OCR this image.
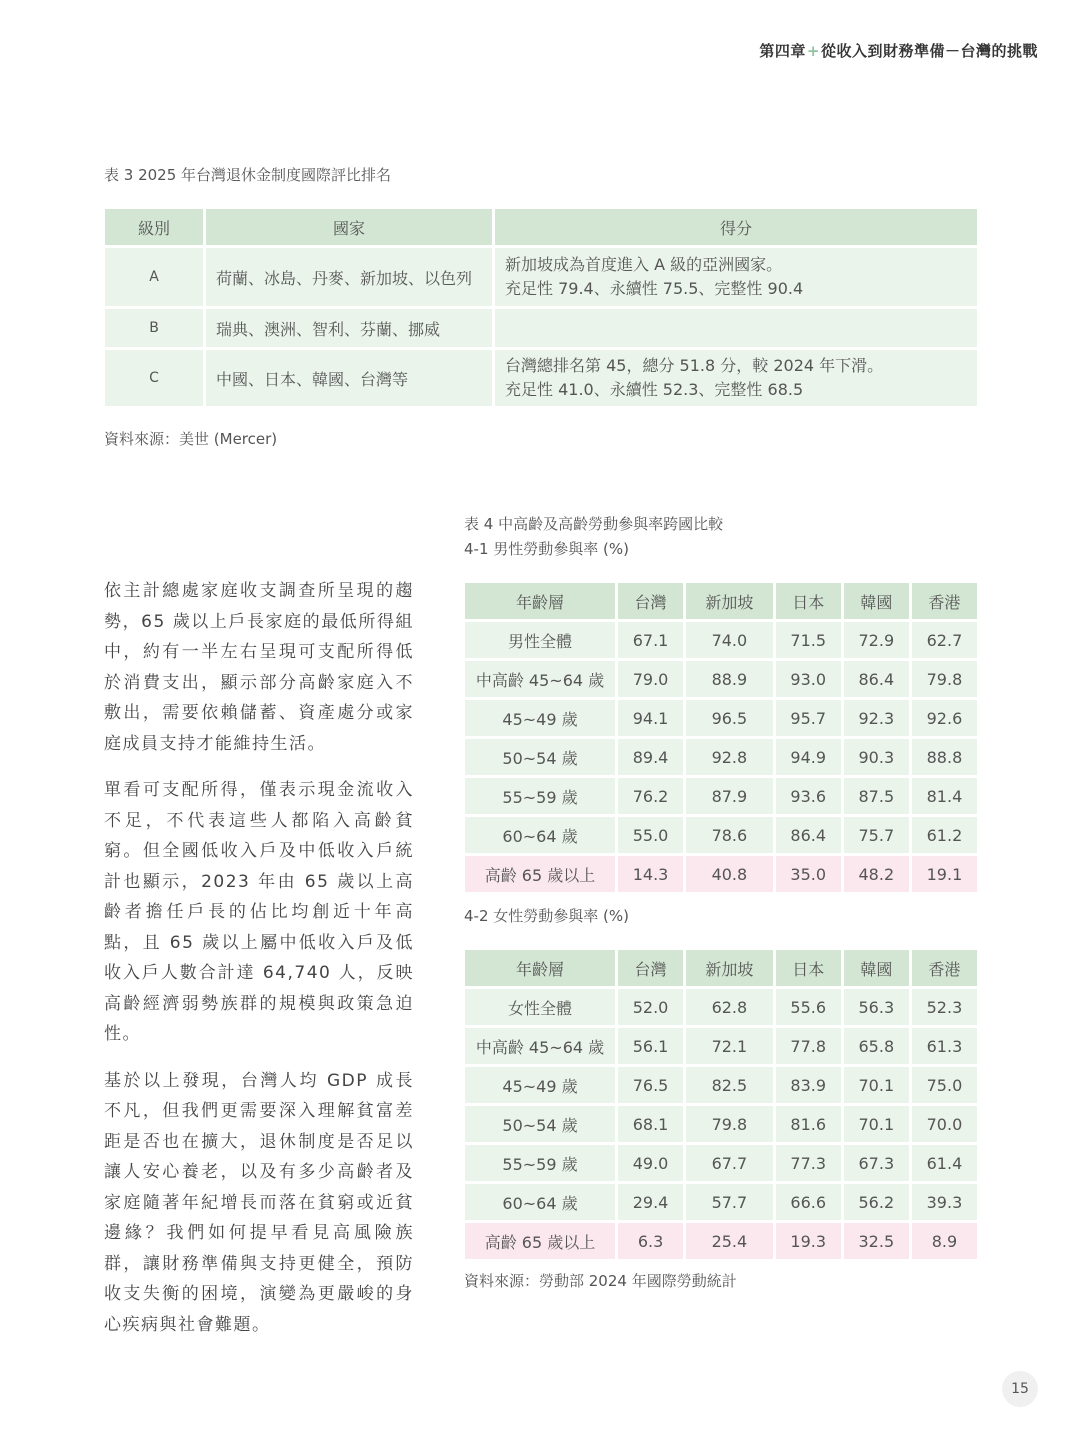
第四章+從收入到財務準備－台灣的挑戰
表 3 2025 年台灣退休金制度國際評比排名
級別	國家	得分
A	荷蘭、冰島、丹麥、新加坡、以色列	新加坡成為首度進入 A 級的亞洲國家。
充足性 79.4、永續性 75.5、完整性 90.4

B	瑞典、澳洲、智利、芬蘭、挪威	
C	中國、日本、韓國、台灣等	台灣總排名第 45，總分 51.8 分，較 2024 年下滑。
充足性 41.0、永續性 52.3、完整性 68.5
資料來源：美世 (Mercer)
表 4 中高齡及高齡勞動參與率跨國比較
4-1 男性勞動參與率 (%)
年齡層	台灣	新加坡	日本	韓國	香港
男性全體	67.1	74.0	71.5	72.9	62.7
中高齡 45~64 歲	79.0	88.9	93.0	86.4	79.8
45~49 歲	94.1	96.5	95.7	92.3	92.6
50~54 歲	89.4	92.8	94.9	90.3	88.8
55~59 歲	76.2	87.9	93.6	87.5	81.4
60~64 歲	55.0	78.6	86.4	75.7	61.2
高齡 65 歲以上	14.3	40.8	35.0	48.2	19.1
4-2 女性勞動參與率 (%)
年齡層	台灣	新加坡	日本	韓國	香港
女性全體	52.0	62.8	55.6	56.3	52.3
中高齡 45~64 歲	56.1	72.1	77.8	65.8	61.3
45~49 歲	76.5	82.5	83.9	70.1	75.0
50~54 歲	68.1	79.8	81.6	70.1	70.0
55~59 歲	49.0	67.7	77.3	67.3	61.4
60~64 歲	29.4	57.7	66.6	56.2	39.3
高齡 65 歲以上	6.3	25.4	19.3	32.5	8.9
資料來源：勞動部 2024 年國際勞動統計

依主計總處家庭收支調查所呈現的趨勢，65 歲以上戶長家庭的最低所得組中，約有一半左右呈現可支配所得低於消費支出，顯示部分高齡家庭入不敷出，需要依賴儲蓄、資產處分或家庭成員支持才能維持生活。

單看可支配所得，僅表示現金流收入不足，不代表這些人都陷入高齡貧窮。但全國低收入戶及中低收入戶統計也顯示，2023 年由 65 歲以上高齡者擔任戶長的佔比均創近十年高點，且 65 歲以上屬中低收入戶及低收入戶人數合計達 64,740 人，反映高齡經濟弱勢族群的規模與政策急迫性。

基於以上發現，台灣人均 GDP 成長不凡，但我們更需要深入理解貧富差距是否也在擴大，退休制度是否足以讓人安心養老，以及有多少高齡者及家庭隨著年紀增長而落在貧窮或近貧邊緣？我們如何提早看見高風險族群，讓財務準備與支持更健全，預防收支失衡的困境，演變為更嚴峻的身心疾病與社會難題。

15
